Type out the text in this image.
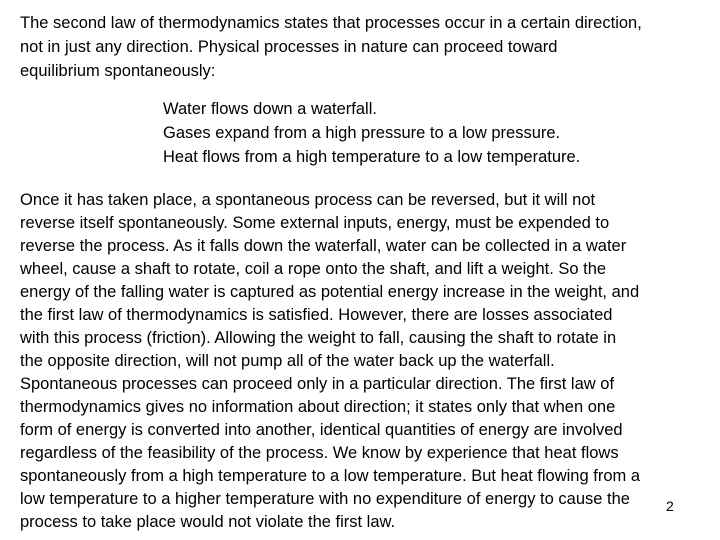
The second law of thermodynamics states that processes occur in a certain direction,

not in just any direction. Physical processes in nature can proceed toward

equilibrium spontaneously:

Water flows down a waterfall.

Gases expand from a high pressure to a low pressure.

Heat flows from a high temperature to a low temperature.

Once it has taken place, a spontaneous process can be reversed, but it will not

reverse itself spontaneously. Some external inputs, energy, must be expended to

reverse the process. As it falls down the waterfall, water can be collected in a water

wheel, cause a shaft to rotate, coil a rope onto the shaft, and lift a weight. So the

energy of the falling water is captured as potential energy increase in the weight, and

the first law of thermodynamics is satisfied. However, there are losses associated

with this process (friction). Allowing the weight to fall, causing the shaft to rotate in

the opposite direction, will not pump all of the water back up the waterfall.

Spontaneous processes can proceed only in a particular direction. The first law of

thermodynamics gives no information about direction; it states only that when one

form of energy is converted into another, identical quantities of energy are involved

regardless of the feasibility of the process. We know by experience that heat flows

spontaneously from a high temperature to a low temperature. But heat flowing from a

low temperature to a higher temperature with no expenditure of energy to cause the

process to take place would not violate the first law.

2
